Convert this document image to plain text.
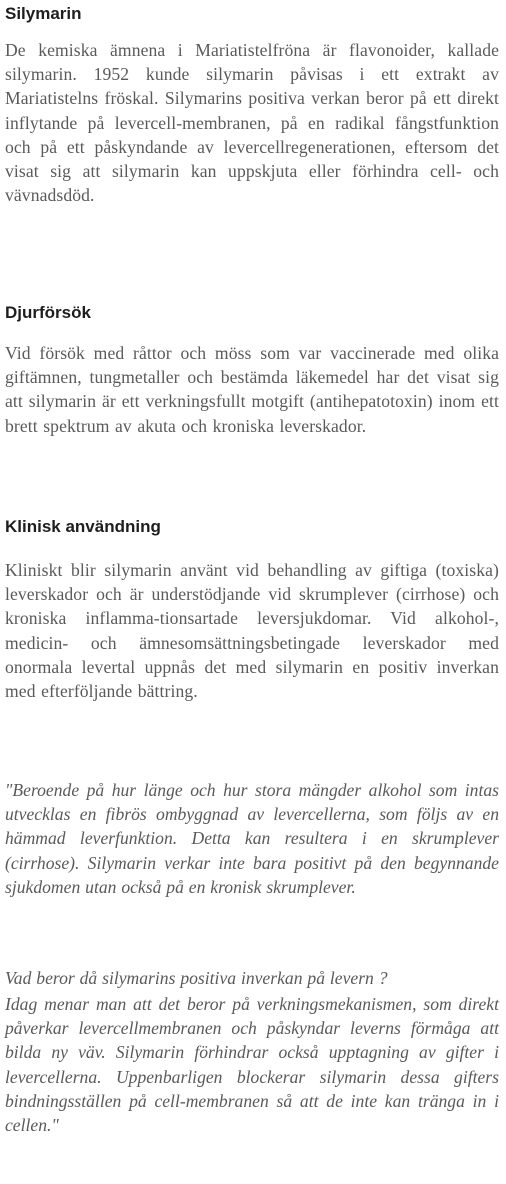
Silymarin

De kemiska ämnena i Mariatistelfröna är flavonoider, kallade silymarin. 1952 kunde silymarin påvisas i ett extrakt av Mariatistelns fröskal. Silymarins positiva verkan beror på ett direkt inflytande på levercell-membranen, på en radikal fångstfunktion och på ett påskyndande av levercellregenerationen, eftersom det visat sig att silymarin kan uppskjuta eller förhindra cell- och vävnadsdöd.

Djurförsök

Vid försök med råttor och möss som var vaccinerade med olika giftämnen, tungmetaller och bestämda läkemedel har det visat sig att silymarin är ett verkningsfullt motgift (antihepatotoxin) inom ett brett spektrum av akuta och kroniska leverskador.

Klinisk användning

Kliniskt blir silymarin använt vid behandling av giftiga (toxiska) leverskador och är understödjande vid skrumplever (cirrhose) och kroniska inflamma-tionsartade leversjukdomar. Vid alkohol-, medicin- och ämnesomsättningsbetingade leverskador med onormala levertal uppnås det med silymarin en positiv inverkan med efterföljande bättring.

"Beroende på hur länge och hur stora mängder alkohol som intas utvecklas en fibrös ombyggnad av levercellerna, som följs av en hämmad leverfunktion. Detta kan resultera i en skrumplever (cirrhose). Silymarin verkar inte bara positivt på den begynnande sjukdomen utan också på en kronisk skrumplever.

Vad beror då silymarins positiva inverkan på levern ?

Idag menar man att det beror på verkningsmekanismen, som direkt påverkar levercellmembranen och påskyndar leverns förmåga att bilda ny väv. Silymarin förhindrar också upptagning av gifter i levercellerna. Uppenbarligen blockerar silymarin dessa gifters bindningsställen på cell-membranen så att de inte kan tränga in i cellen."
